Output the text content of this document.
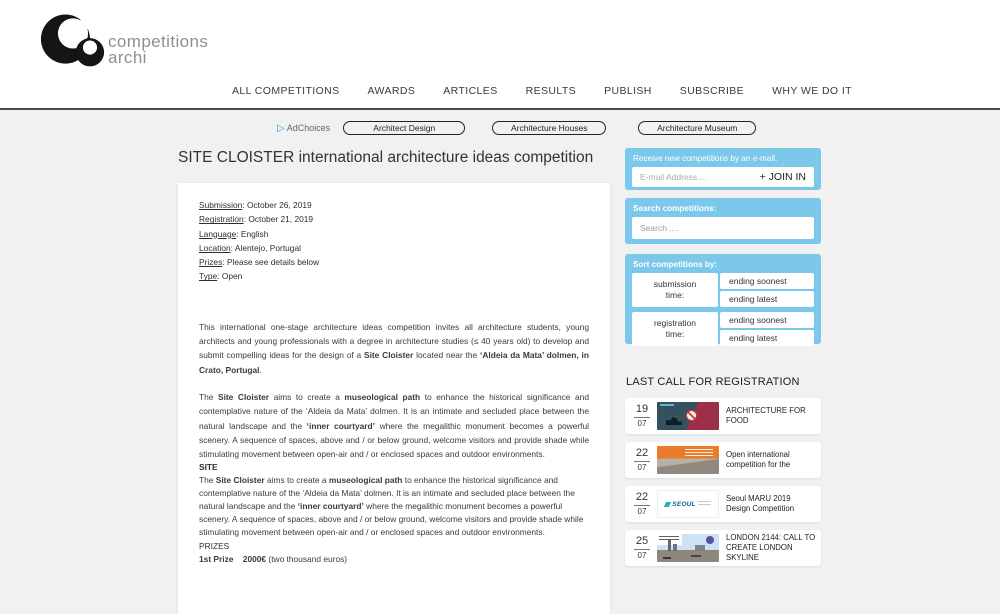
competitions
archi
ALL COMPETITIONS	AWARDS	ARTICLES	RESULTS	PUBLISH	SUBSCRIBE	WHY WE DO IT
▷ AdChoices	Architect Design	Architecture Houses	Architecture Museum
SITE CLOISTER international architecture ideas competition
Submission: October 26, 2019
Registration: October 21, 2019
Language: English
Location: Alentejo, Portugal
Prizes: Please see details below
Type: Open
This international one-stage architecture ideas competition invites all architecture students, young architects and young professionals with a degree in architecture studies (≤ 40 years old) to develop and submit compelling ideas for the design of a Site Cloister located near the ‘Aldeia da Mata’ dolmen, in Crato, Portugal.
The Site Cloister aims to create a museological path to enhance the historical significance and contemplative nature of the ‘Aldeia da Mata’ dolmen. It is an intimate and secluded place between the natural landscape and the ‘inner courtyard’ where the megalithic monument becomes a powerful scenery. A sequence of spaces, above and / or below ground, welcome visitors and provide shade while stimulating movement between open-air and / or enclosed spaces and outdoor environments.
SITE
The Site Cloister aims to create a museological path to enhance the historical significance and contemplative nature of the ‘Aldeia da Mata’ dolmen. It is an intimate and secluded place between the natural landscape and the ‘inner courtyard’ where the megalithic monument becomes a powerful scenery. A sequence of spaces, above and / or below ground, welcome visitors and provide shade while stimulating movement between open-air and / or enclosed spaces and outdoor environments.
PRIZES
1st Prize 2000€ (two thousand euros)
Receive new competitions by an e-mail.
E-mail Address....
+ JOIN IN
Search competitions:
Search ....
Sort competitions by:
submission
time:
ending soonest
ending latest
registration
time:
ending soonest
ending latest
LAST CALL FOR REGISTRATION
19
07
ARCHITECTURE FOR FOOD
22
07
Open international competition for the
22
07
SEOUL
Seoul MARU 2019 Design Competition
25
07
LONDON 2144: CALL TO CREATE LONDON SKYLINE
